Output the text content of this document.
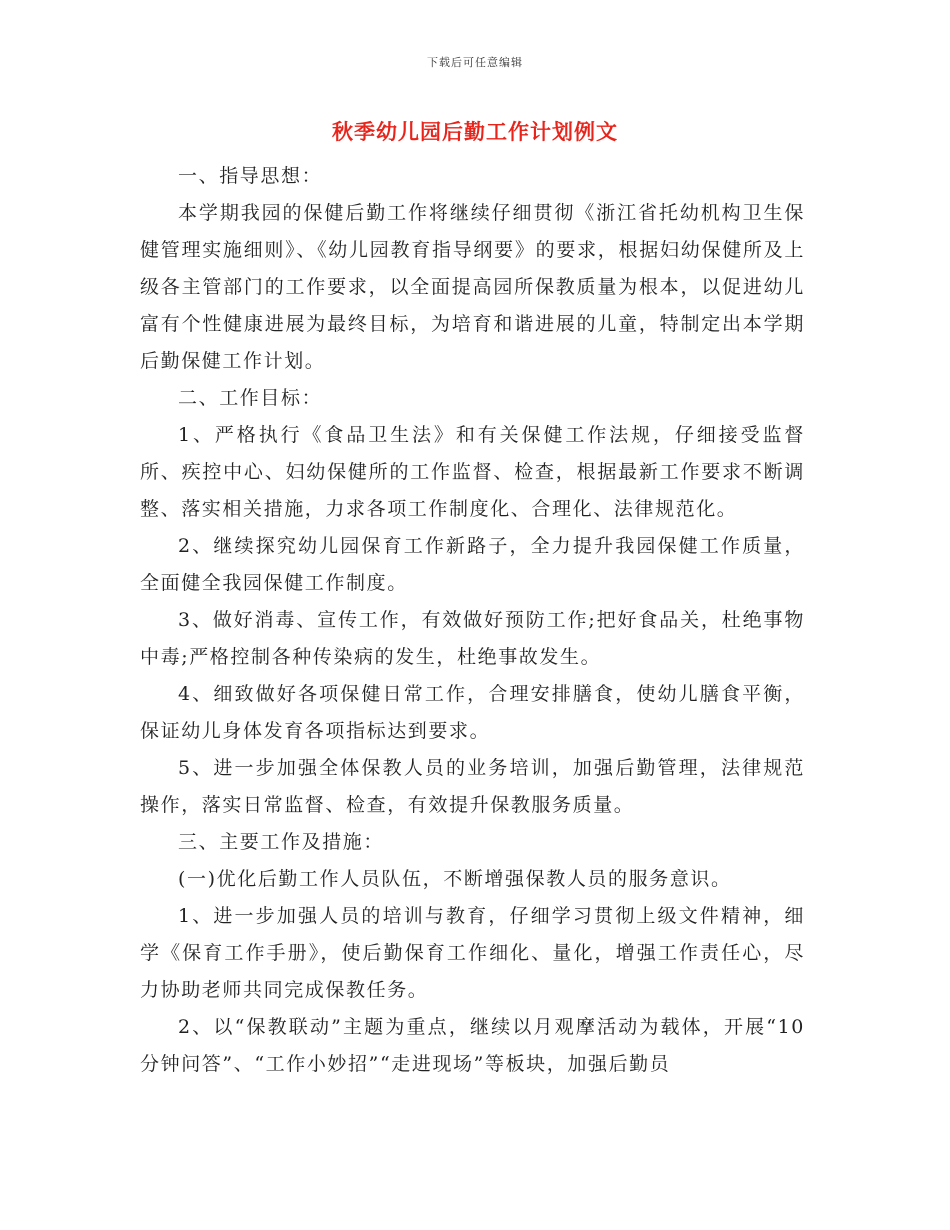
下载后可任意编辑
秋季幼儿园后勤工作计划例文

一、指导思想：

本学期我园的保健后勤工作将继续仔细贯彻《浙江省托幼机构卫生保健管理实施细则》、《幼儿园教育指导纲要》的要求，根据妇幼保健所及上级各主管部门的工作要求，以全面提高园所保教质量为根本，以促进幼儿富有个性健康进展为最终目标，为培育和谐进展的儿童，特制定出本学期后勤保健工作计划。

二、工作目标：

1、严格执行《食品卫生法》和有关保健工作法规，仔细接受监督所、疾控中心、妇幼保健所的工作监督、检查，根据最新工作要求不断调整、落实相关措施，力求各项工作制度化、合理化、法律规范化。

2、继续探究幼儿园保育工作新路子，全力提升我园保健工作质量，全面健全我园保健工作制度。

3、做好消毒、宣传工作，有效做好预防工作;把好食品关，杜绝事物中毒;严格控制各种传染病的发生，杜绝事故发生。

4、细致做好各项保健日常工作，合理安排膳食，使幼儿膳食平衡，保证幼儿身体发育各项指标达到要求。

5、进一步加强全体保教人员的业务培训，加强后勤管理，法律规范操作，落实日常监督、检查，有效提升保教服务质量。

三、主要工作及措施：

(一)优化后勤工作人员队伍，不断增强保教人员的服务意识。

1、进一步加强人员的培训与教育，仔细学习贯彻上级文件精神，细学《保育工作手册》，使后勤保育工作细化、量化，增强工作责任心，尽力协助老师共同完成保教任务。

2、以“保教联动”主题为重点，继续以月观摩活动为载体，开展“10分钟问答”、“工作小妙招”“走进现场”等板块，加强后勤员
